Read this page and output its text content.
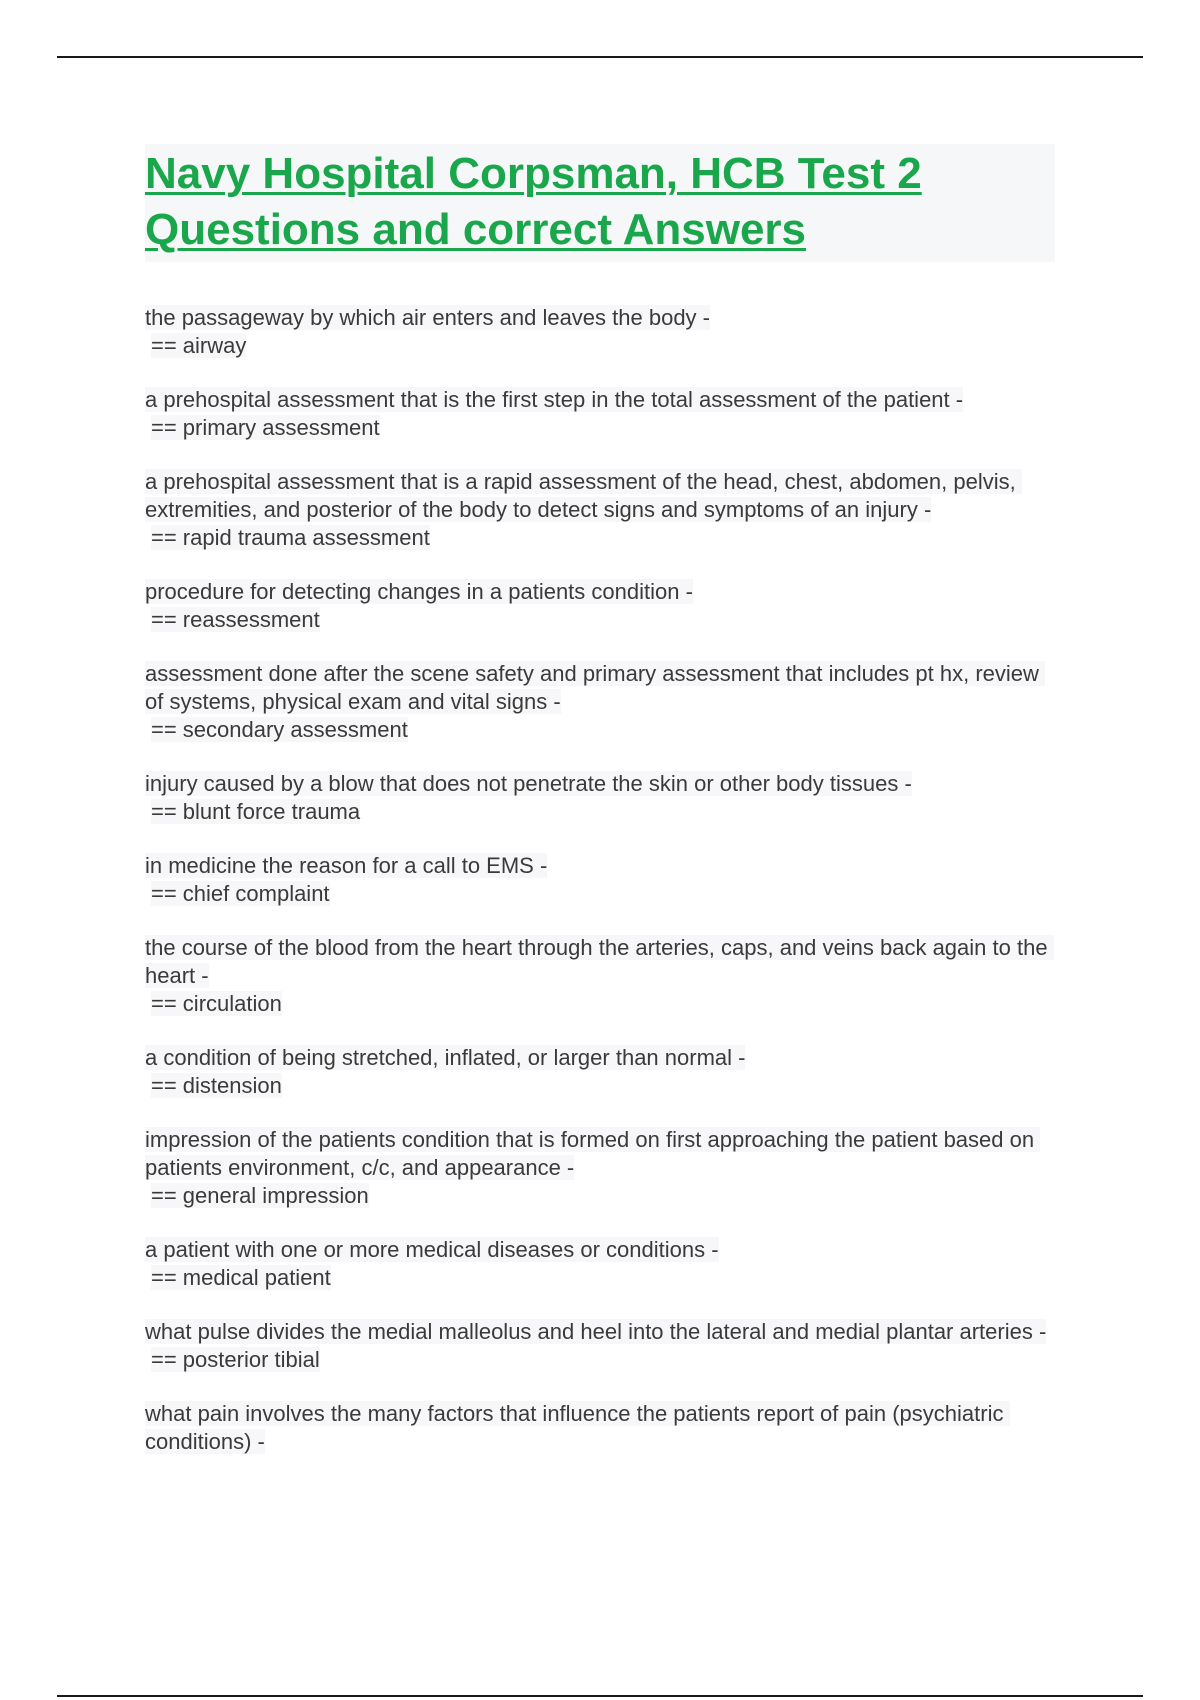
Navy Hospital Corpsman, HCB Test 2 Questions and correct Answers
the passageway by which air enters and leaves the body -
== airway
a prehospital assessment that is the first step in the total assessment of the patient -
== primary assessment
a prehospital assessment that is a rapid assessment of the head, chest, abdomen, pelvis, extremities, and posterior of the body to detect signs and symptoms of an injury -
== rapid trauma assessment
procedure for detecting changes in a patients condition -
== reassessment
assessment done after the scene safety and primary assessment that includes pt hx, review of systems, physical exam and vital signs -
== secondary assessment
injury caused by a blow that does not penetrate the skin or other body tissues -
== blunt force trauma
in medicine the reason for a call to EMS -
== chief complaint
the course of the blood from the heart through the arteries, caps, and veins back again to the heart -
== circulation
a condition of being stretched, inflated, or larger than normal -
== distension
impression of the patients condition that is formed on first approaching the patient based on patients environment, c/c, and appearance -
== general impression
a patient with one or more medical diseases or conditions -
== medical patient
what pulse divides the medial malleolus and heel into the lateral and medial plantar arteries -
== posterior tibial
what pain involves the many factors that influence the patients report of pain (psychiatric conditions) -
